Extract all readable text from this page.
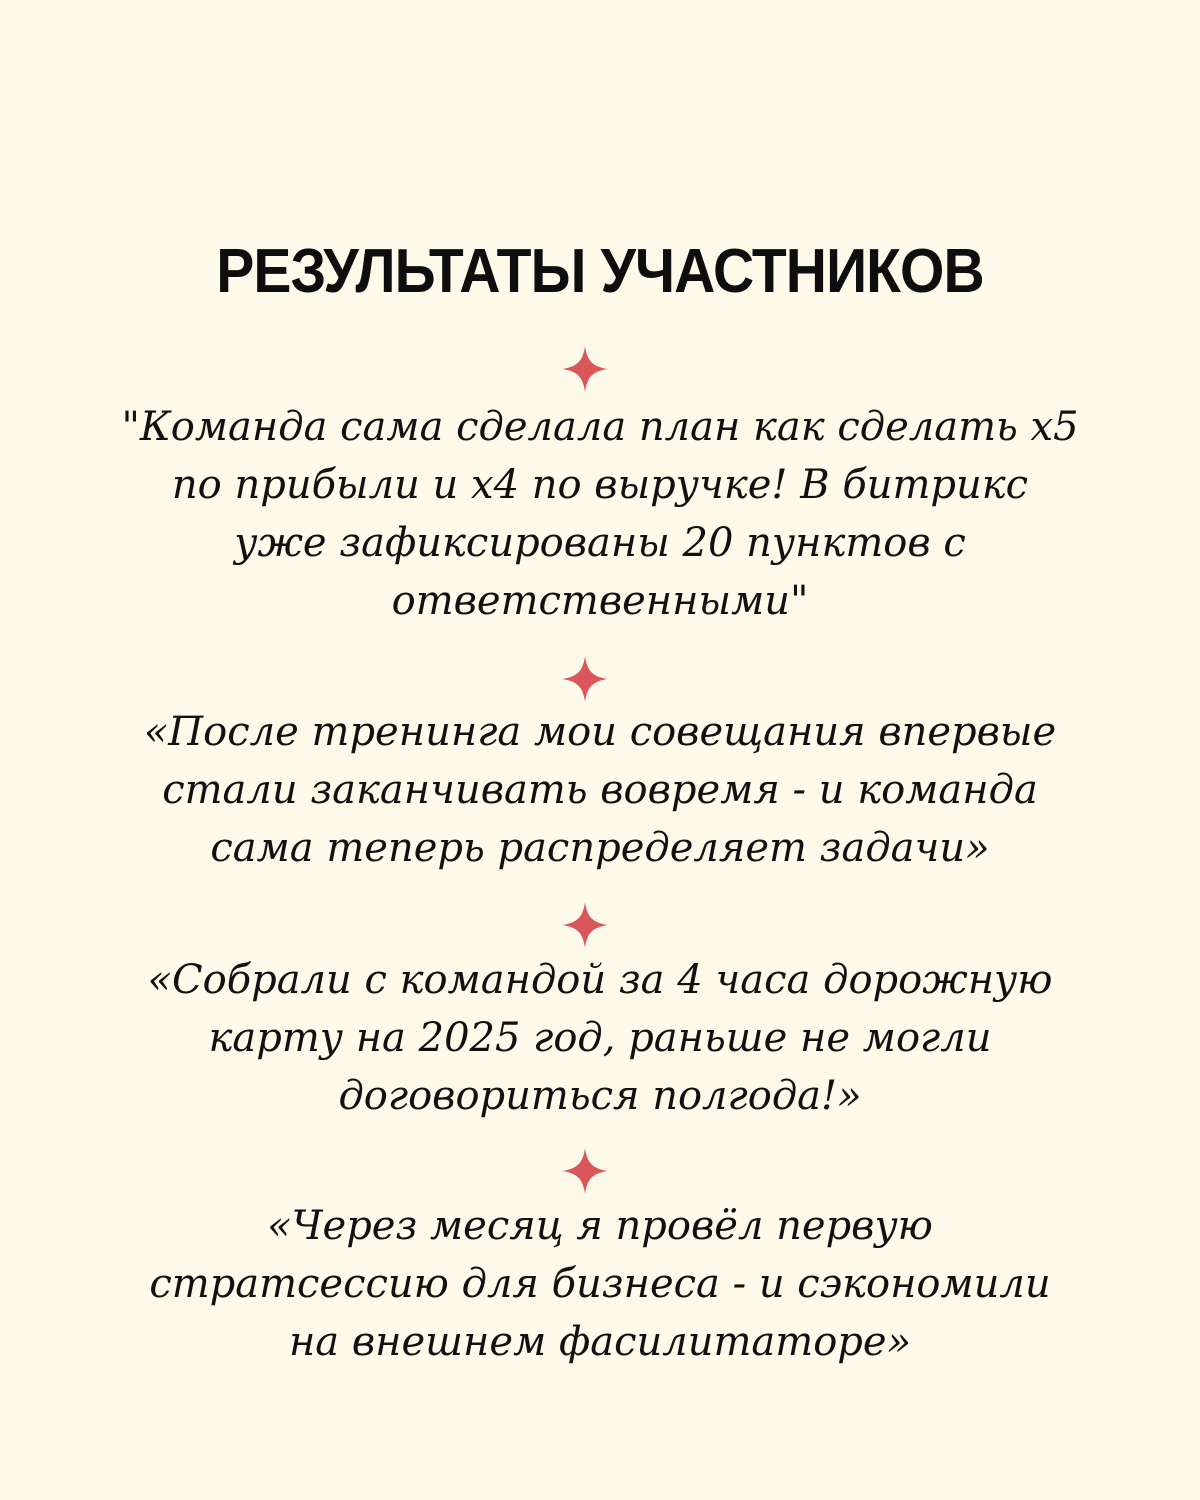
РЕЗУЛЬТАТЫ УЧАСТНИКОВ

"Команда сама сделала план как сделать x5 по прибыли и x4 по выручке! В битрикс уже зафиксированы 20 пунктов с ответственными"

«После тренинга мои совещания впервые стали заканчивать вовремя - и команда сама теперь распределяет задачи»

«Собрали с командой за 4 часа дорожную карту на 2025 год, раньше не могли договориться полгода!»

«Через месяц я провёл первую стратсессию для бизнеса - и сэкономили на внешнем фасилитаторе»
